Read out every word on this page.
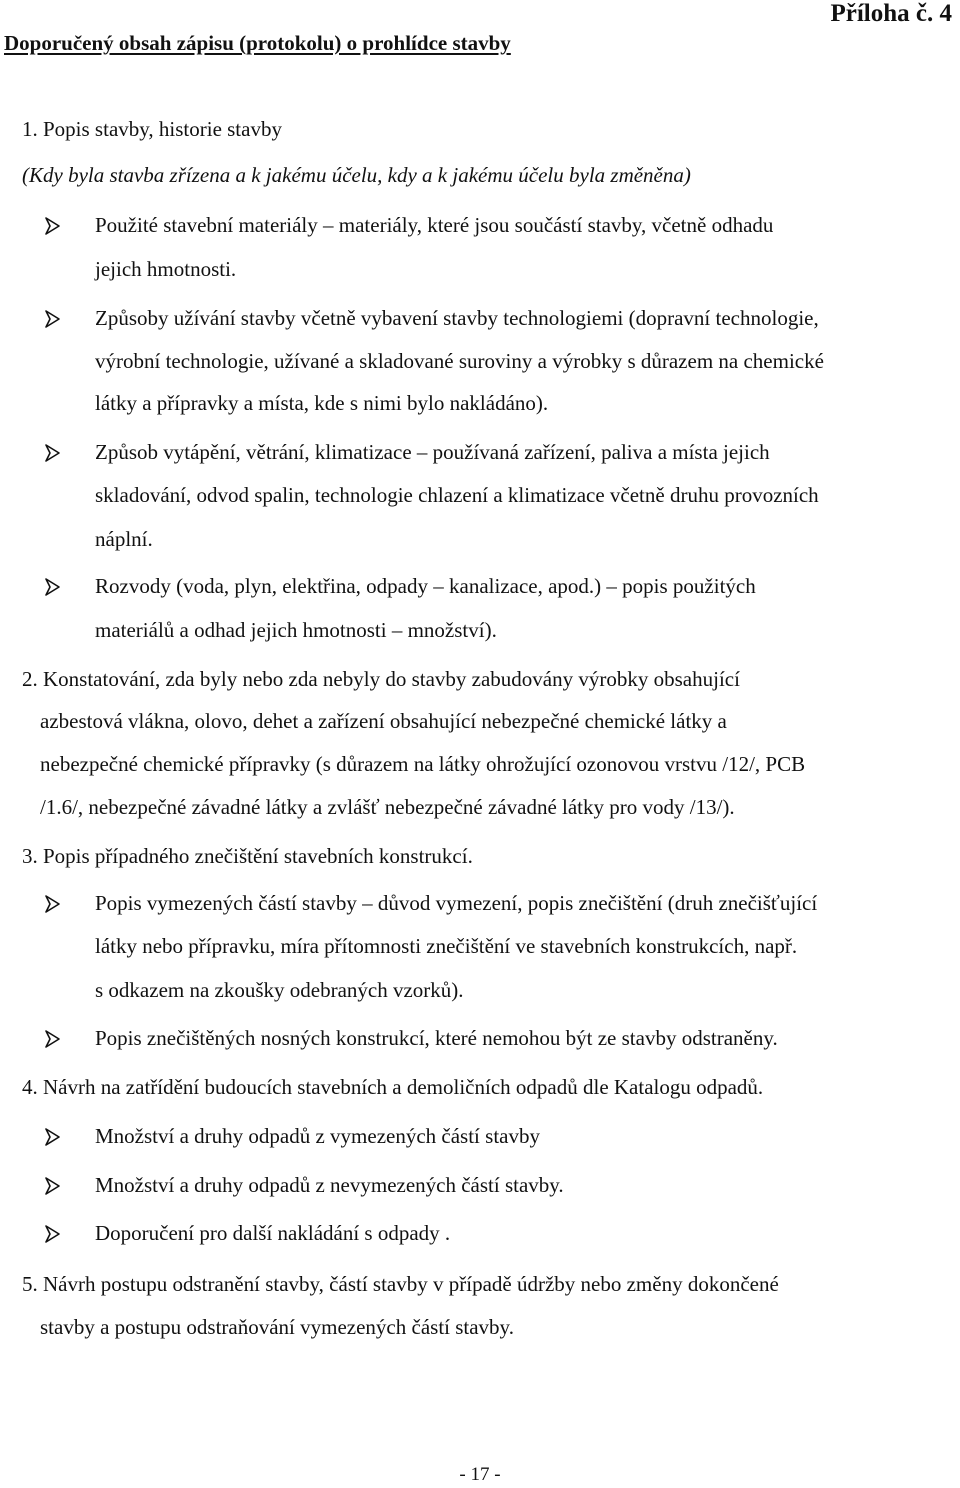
Příloha č. 4
Doporučený obsah zápisu (protokolu) o prohlídce stavby
1. Popis stavby, historie stavby
(Kdy byla stavba zřízena a k jakému účelu, kdy a k jakému účelu byla změněna)
Použité stavební materiály – materiály, které jsou součástí stavby, včetně odhadu
jejich hmotnosti.
Způsoby užívání stavby včetně vybavení stavby technologiemi (dopravní technologie,
výrobní technologie, užívané a skladované suroviny a výrobky s důrazem na chemické
látky a přípravky a místa, kde s nimi bylo nakládáno).
Způsob vytápění, větrání, klimatizace – používaná zařízení, paliva a místa jejich
skladování, odvod spalin, technologie chlazení a klimatizace včetně druhu provozních
náplní.
Rozvody (voda, plyn, elektřina, odpady – kanalizace, apod.) – popis použitých
materiálů a odhad jejich hmotnosti – množství).
2. Konstatování, zda byly nebo zda nebyly do stavby zabudovány výrobky obsahující
azbestová vlákna, olovo, dehet a zařízení obsahující nebezpečné chemické látky a
nebezpečné chemické přípravky (s důrazem na látky ohrožující ozonovou vrstvu /12/, PCB
/1.6/, nebezpečné závadné látky a zvlášť nebezpečné závadné látky pro vody /13/).
3. Popis případného znečištění stavebních konstrukcí.
Popis vymezených částí stavby – důvod vymezení, popis znečištění (druh znečišťující
látky nebo přípravku, míra přítomnosti znečištění ve stavebních konstrukcích, např.
s odkazem na zkoušky odebraných vzorků).
Popis znečištěných nosných konstrukcí, které nemohou být ze stavby odstraněny.
4. Návrh na zatřídění budoucích stavebních a demoličních odpadů dle Katalogu odpadů.
Množství a druhy odpadů z vymezených částí stavby
Množství a druhy odpadů z nevymezených částí stavby.
Doporučení pro další nakládání s odpady .
5. Návrh postupu odstranění stavby, částí stavby v případě údržby nebo změny dokončené
stavby a postupu odstraňování vymezených částí stavby.
- 17 -
